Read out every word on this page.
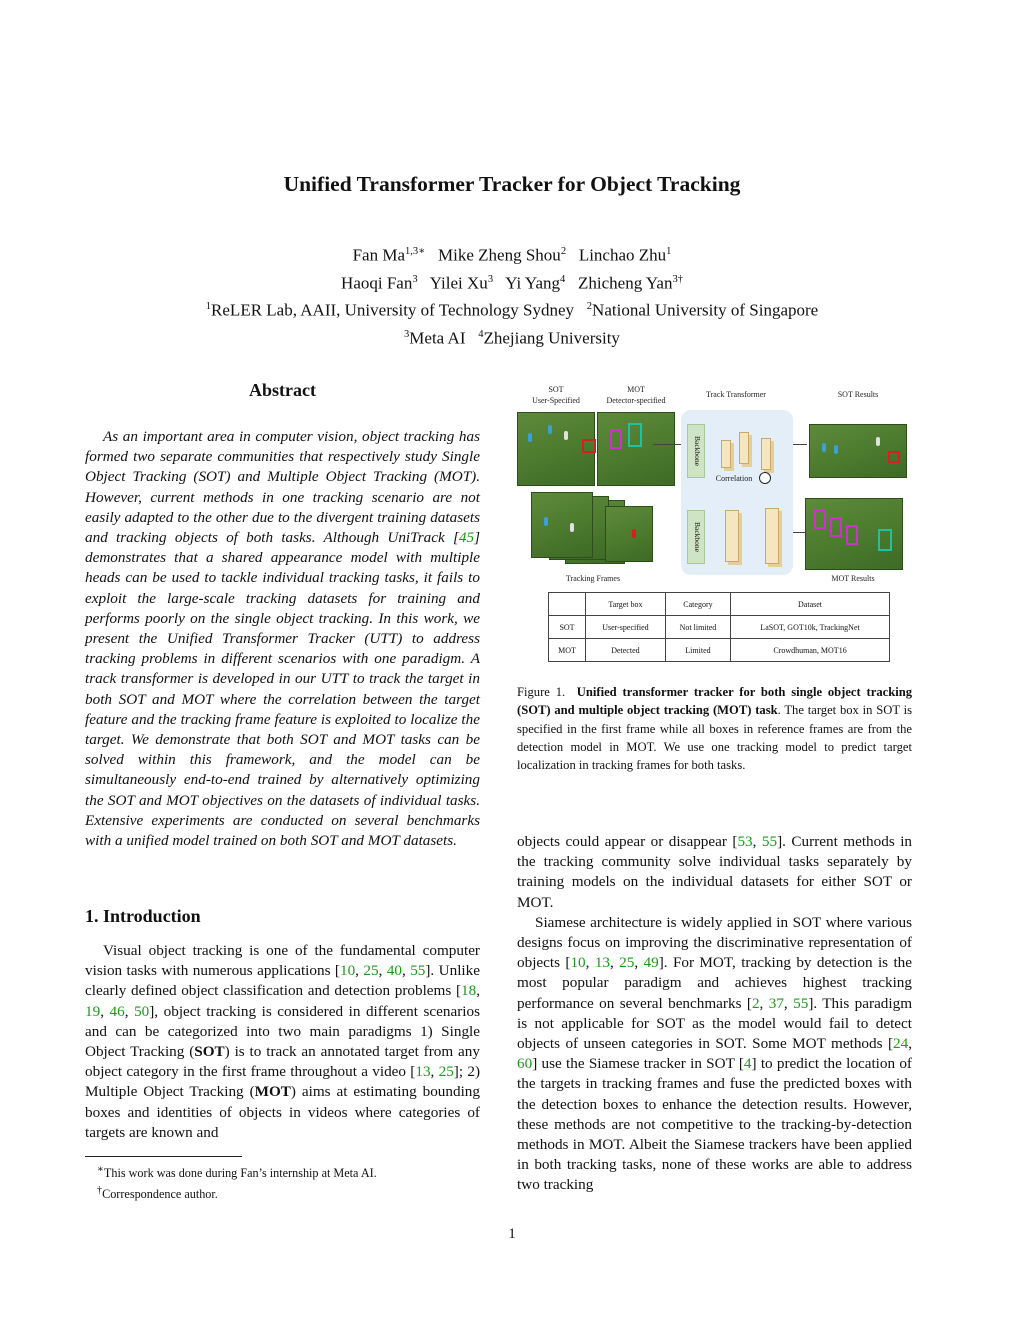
Unified Transformer Tracker for Object Tracking
Fan $Ma^{1,3∗}$ Mike Zheng Shou$^2$ Linchao Zhu$^1$
Haoqi Fan$^3$ Yilei Xu$^3$ Yi Yang$^4$ Zhicheng Yan$^{3\dagger}$
$^1$ReLER Lab, AAII, University of Technology Sydney $^2$National University of Singapore
$^3$Meta AI $^4$Zhejiang University
Abstract
As an important area in computer vision, object tracking has formed two separate communities that respectively study Single Object Tracking (SOT) and Multiple Object Tracking (MOT). However, current methods in one tracking scenario are not easily adapted to the other due to the divergent training datasets and tracking objects of both tasks. Although UniTrack [45] demonstrates that a shared appearance model with multiple heads can be used to tackle individual tracking tasks, it fails to exploit the large-scale tracking datasets for training and performs poorly on the single object tracking. In this work, we present the Unified Transformer Tracker (UTT) to address tracking problems in different scenarios with one paradigm. A track transformer is developed in our UTT to track the target in both SOT and MOT where the correlation between the target feature and the tracking frame feature is exploited to localize the target. We demonstrate that both SOT and MOT tasks can be solved within this framework, and the model can be simultaneously end-to-end trained by alternatively optimizing the SOT and MOT objectives on the datasets of individual tasks. Extensive experiments are conducted on several benchmarks with a unified model trained on both SOT and MOT datasets.
1. Introduction
Visual object tracking is one of the fundamental computer vision tasks with numerous applications [10, 25, 40, 55]. Unlike clearly defined object classification and detection problems [18, 19, 46, 50], object tracking is considered in different scenarios and can be categorized into two main paradigms 1) Single Object Tracking (SOT) is to track an annotated target from any object category in the first frame throughout a video [13, 25]; 2) Multiple Object Tracking (MOT) aims at estimating bounding boxes and identities of objects in videos where categories of targets are known and

∗This work was done during Fan’s internship at Meta AI.

†Correspondence author.

SOT
User-Specified
MOT
Detector-specified
Track Transformer	SOT Results
Tracking Frames
Backbone
Backbone
Correlation
MOT Results
	Target box	Category	Dataset
SOT	User-specified	Not limited	LaSOT, GOT10k, TrackingNet
MOT	Detected	Limited	Crowdhuman, MOT16
Figure 1. Unified transformer tracker for both single object tracking (SOT) and multiple object tracking (MOT) task. The target box in SOT is specified in the first frame while all boxes in reference frames are from the detection model in MOT. We use one tracking model to predict target localization in tracking frames for both tasks.

objects could appear or disappear [53, 55]. Current methods in the tracking community solve individual tasks separately by training models on the individual datasets for either SOT or MOT.

Siamese architecture is widely applied in SOT where various designs focus on improving the discriminative representation of objects [10, 13, 25, 49]. For MOT, tracking by detection is the most popular paradigm and achieves highest tracking performance on several benchmarks [2, 37, 55]. This paradigm is not applicable for SOT as the model would fail to detect objects of unseen categories in SOT. Some MOT methods [24, 60] use the Siamese tracker in SOT [4] to predict the location of the targets in tracking frames and fuse the predicted boxes with the detection boxes to enhance the detection results. However, these methods are not competitive to the tracking-by-detection methods in MOT. Albeit the Siamese trackers have been applied in both tracking tasks, none of these works are able to address two tracking

1
